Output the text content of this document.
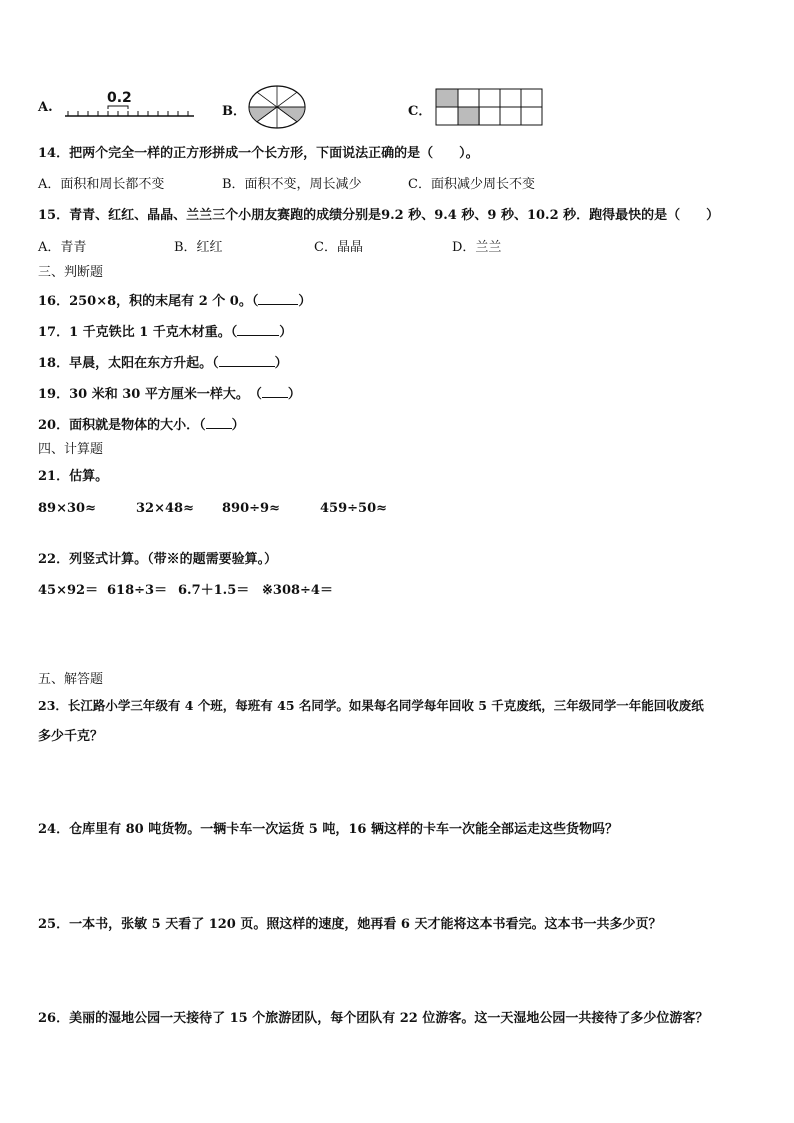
A.
0.2
B．	C．
14．把两个完全一样的正方形拼成一个长方形，下面说法正确的是（　　）。
A．面积和周长都不变	B．面积不变，周长减少	C．面积减少周长不变
15．青青、红红、晶晶、兰兰三个小朋友赛跑的成绩分别是9.2 秒、9.4 秒、9 秒、10.2 秒．跑得最快的是（　　）
A．青青	B．红红	C．晶晶	D．兰兰
三、判断题
16．250×8，积的末尾有 2 个 0。（	）
17．1 千克铁比 1 千克木材重。（	）
18．早晨，太阳在东方升起。（	）
19．30 米和 30 平方厘米一样大。　（ ）
20．面积就是物体的大小．（ ）
四、计算题
21．估算。
89×30≈	32×48≈ 890÷9≈	459÷50≈
22．列竖式计算。（带※的题需要验算。）
45×92＝ 618÷3＝ 6.7＋1.5＝ ※308÷4＝
五、解答题
23．长江路小学三年级有 4 个班，每班有 45 名同学。如果每名同学每年回收 5 千克废纸，三年级同学一年能回收废纸
多少千克？
24．仓库里有 80 吨货物。一辆卡车一次运货 5 吨，16 辆这样的卡车一次能全部运走这些货物吗？
25．一本书，张敏 5 天看了 120 页。照这样的速度，她再看 6 天才能将这本书看完。这本书一共多少页？
26．美丽的湿地公园一天接待了 15 个旅游团队，每个团队有 22 位游客。这一天湿地公园一共接待了多少位游客？
